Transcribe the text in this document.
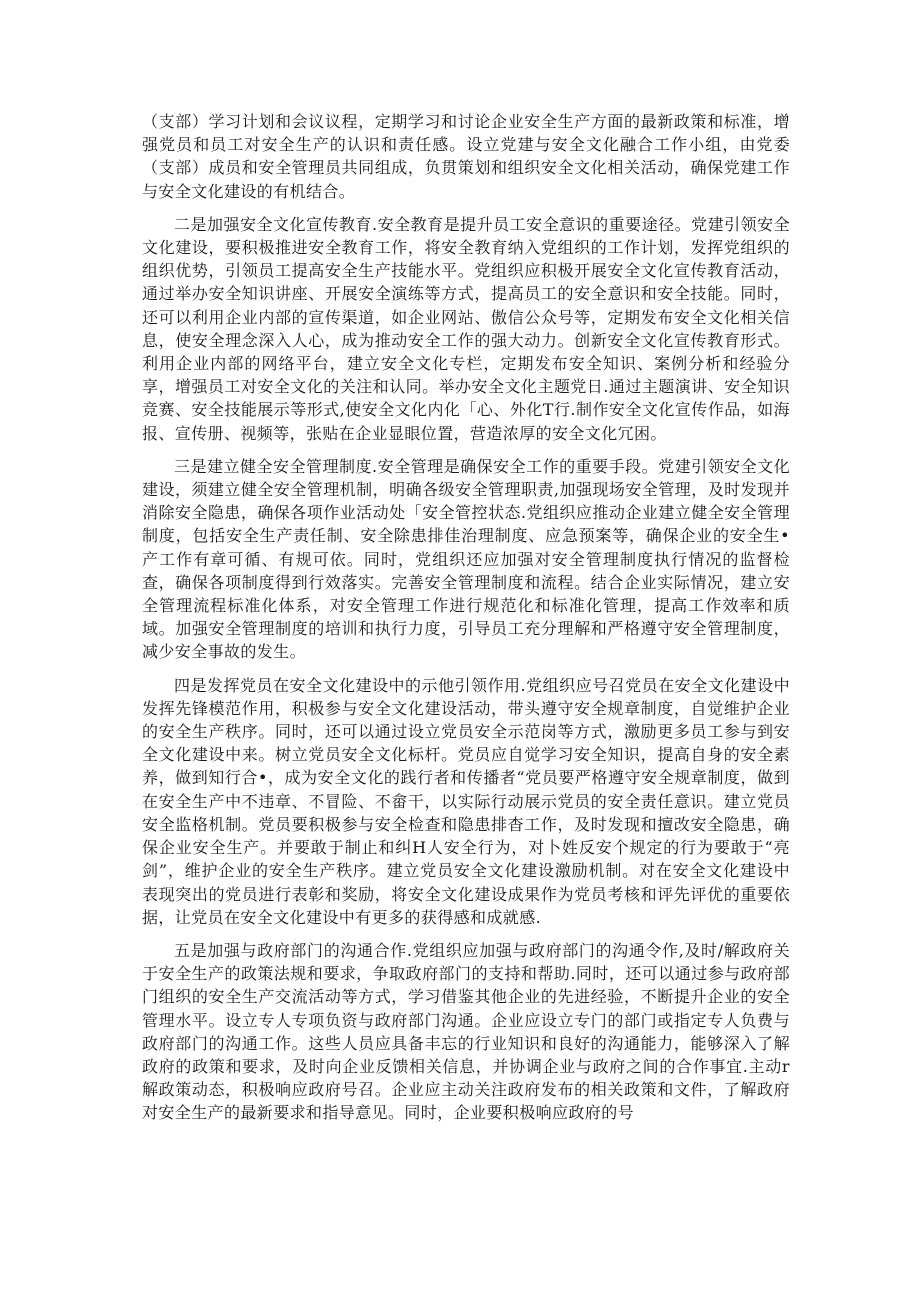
（支部）学习计划和会议议程，定期学习和讨论企业安全生产方面的最新政策和标准，增强党员和员工对安全生产的认识和责任感。设立党建与安全文化融合工作小组，由党委（支部）成员和安全管理员共同组成，负贯策划和组织安全文化相关活动，确保党建工作与安全文化建设的有机结合。

二是加强安全文化宣传教育.安全教育是提升员工安全意识的重要途径。党建引领安全文化建设，要积极推进安全教育工作，将安全教育纳入党组织的工作计划，发挥党组织的组织优势，引领员工提高安全生产技能水平。党组织应积极开展安全文化宣传教育活动，通过举办安全知识讲座、开展安全演练等方式，提高员工的安全意识和安全技能。同时，还可以利用企业内部的宣传渠道，如企业网站、傲信公众号等，定期发布安全文化相关信息，使安全理念深入人心，成为推动安全工作的强大动力。创新安全文化宣传教育形式。利用企业内部的网络平台，建立安全文化专栏，定期发布安全知识、案例分析和经验分享，增强员工对安全文化的关注和认同。举办安全文化主题党日.通过主题演讲、安全知识竞赛、安全技能展示等形式,使安全文化内化「心、外化T行.制作安全文化宣传作品，如海报、宣传册、视频等，张贴在企业显眼位置，营造浓厚的安全文化冗困。

三是建立健全安全管理制度.安全管理是确保安全工作的重要手段。党建引领安全文化建设，须建立健全安全管理机制，明确各级安全管理职责,加强现场安全管理，及时发现并消除安全隐患，确保各项作业活动处「安全管控状态.党组织应推动企业建立健全安全管理制度，包括安全生产责任制、安全除患排佳治理制度、应急预案等，确保企业的安全生•产工作有章可循、有规可依。同时，党组织还应加强对安全管理制度执行情况的监督检查，确保各项制度得到行效落实。完善安全管理制度和流程。结合企业实际情况，建立安全管理流程标准化体系，对安全管理工作进行规范化和标准化管理，提高工作效率和质域。加强安全管理制度的培训和执行力度，引导员工充分理解和严格遵守安全管理制度，减少安全事故的发生。

四是发挥党员在安全文化建设中的示他引领作用.党组织应号召党员在安全文化建设中发挥先锋模范作用，积极参与安全文化建设活动，带头遵守安全规章制度，自觉维护企业的安全生产秩序。同时，还可以通过设立党员安全示范岗等方式，激励更多员工参与到安全文化建设中来。树立党员安全文化标杆。党员应自觉学习安全知识，提高自身的安全素养，做到知行合•，成为安全文化的践行者和传播者“党员要严格遵守安全规章制度，做到在安全生产中不违章、不冒险、不畲干，以实际行动展示党员的安全责任意识。建立党员安全监格机制。党员要积极参与安全检查和隐患排杳工作，及时发现和擅改安全隐患，确保企业安全生产。并要敢于制止和纠H人安全行为，对卜姓反安个规定的行为要敢于“亮剑”，维护企业的安全生产秩序。建立党员安全文化建设激励机制。对在安全文化建设中表现突出的党员进行表彰和奖励，将安全文化建设成果作为党员考核和评先评优的重要依据，让党员在安全文化建设中有更多的获得感和成就感.

五是加强与政府部门的沟通合作.党组织应加强与政府部门的沟通令作,及时/解政府关于安全生产的政策法规和要求，争取政府部门的支持和帮助.同时，还可以通过参与政府部门组织的安全生产交流活动等方式，学习借鉴其他企业的先进经验，不断提升企业的安全管理水平。设立专人专项负资与政府部门沟通。企业应设立专门的部门或指定专人负费与政府部门的沟通工作。这些人员应具备丰忘的行业知识和良好的沟通能力，能够深入了解政府的政策和要求，及时向企业反馈相关信息，并协调企业与政府之间的合作事宜.主动r解政策动态，积极响应政府号召。企业应主动关注政府发布的相关政策和文件，了解政府对安全生产的最新要求和指导意见。同时，企业要积极响应政府的号
